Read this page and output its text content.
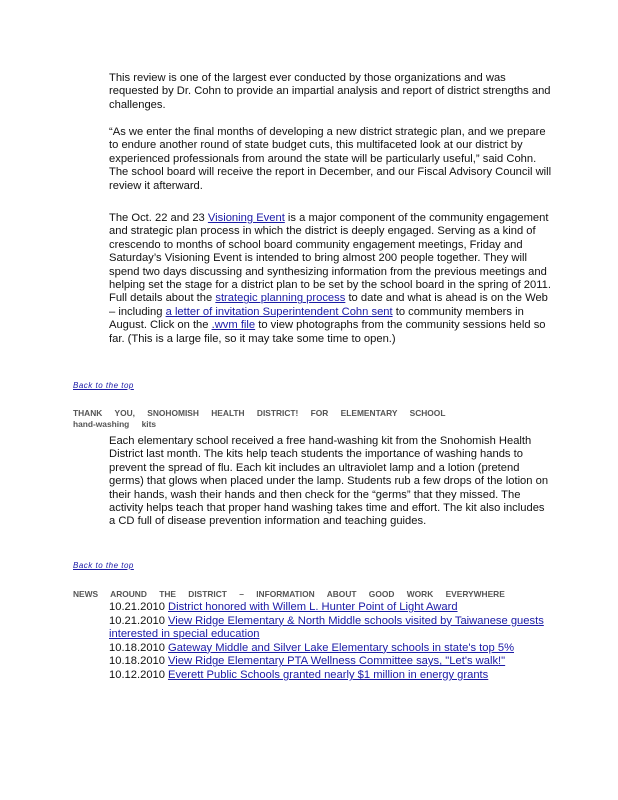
This review is one of the largest ever conducted by those organizations and was requested by Dr. Cohn to provide an impartial analysis and report of district strengths and challenges.

“As we enter the final months of developing a new district strategic plan, and we prepare to endure another round of state budget cuts, this multifaceted look at our district by experienced professionals from around the state will be particularly useful,” said Cohn. The school board will receive the report in December, and our Fiscal Advisory Council will review it afterward.

The Oct. 22 and 23 Visioning Event is a major component of the community engagement and strategic plan process in which the district is deeply engaged. Serving as a kind of crescendo to months of school board community engagement meetings, Friday and Saturday’s Visioning Event is intended to bring almost 200 people together. They will spend two days discussing and synthesizing information from the previous meetings and helping set the stage for a district plan to be set by the school board in the spring of 2011. Full details about the strategic planning process to date and what is ahead is on the Web – including a letter of invitation Superintendent Cohn sent to community members in August. Click on the .wvm file to view photographs from the community sessions held so far. (This is a large file, so it may take some time to open.)

Back to the top
THANK YOU, SNOHOMISH HEALTH DISTRICT! FOR ELEMENTARY SCHOOL
hand-washing kits

Each elementary school received a free hand-washing kit from the Snohomish Health District last month. The kits help teach students the importance of washing hands to prevent the spread of flu. Each kit includes an ultraviolet lamp and a lotion (pretend germs) that glows when placed under the lamp. Students rub a few drops of the lotion on their hands, wash their hands and then check for the “germs” that they missed. The activity helps teach that proper hand washing takes time and effort. The kit also includes a CD full of disease prevention information and teaching guides.

Back to the top
NEWS AROUND THE DISTRICT – INFORMATION ABOUT GOOD WORK EVERYWHERE

10.21.2010 District honored with Willem L. Hunter Point of Light Award

10.21.2010 View Ridge Elementary & North Middle schools visited by Taiwanese guests interested in special education

10.18.2010 Gateway Middle and Silver Lake Elementary schools in state's top 5%

10.18.2010 View Ridge Elementary PTA Wellness Committee says, "Let's walk!"

10.12.2010 Everett Public Schools granted nearly $1 million in energy grants
